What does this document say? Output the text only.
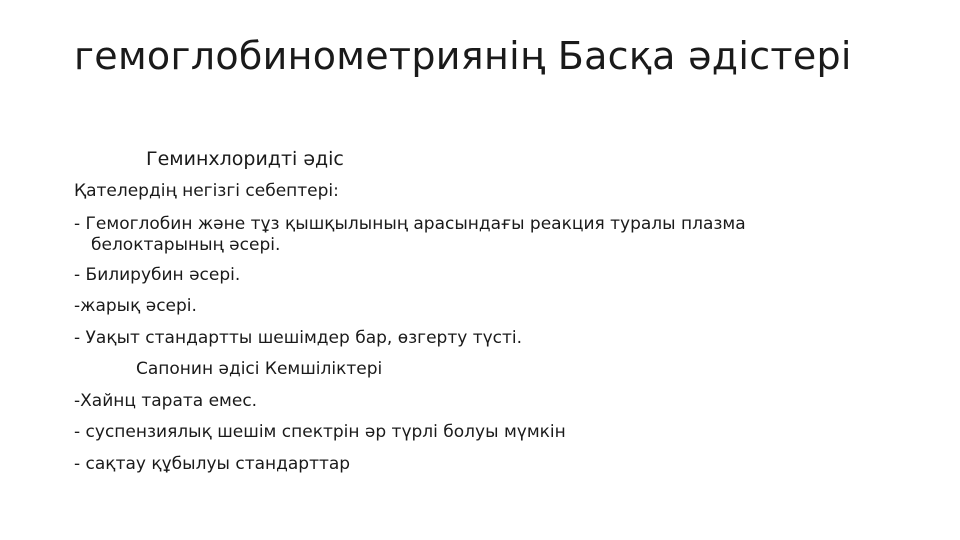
гемоглобинометриянің Басқа әдістері
Геминхлоридті әдіс
Қателердің негізгі себептері:
- Гемоглобин және тұз қышқылының арасындағы реакция туралы плазма
белоктарының әсері.
- Билирубин әсері.
-жарық әсері.
- Уақыт стандартты шешімдер бар, өзгерту түсті.
Сапонин әдісі Кемшіліктері
-Хайнц тарата емес.
- суспензиялық шешім спектрін әр түрлі болуы мүмкін
- сақтау құбылуы стандарттар
